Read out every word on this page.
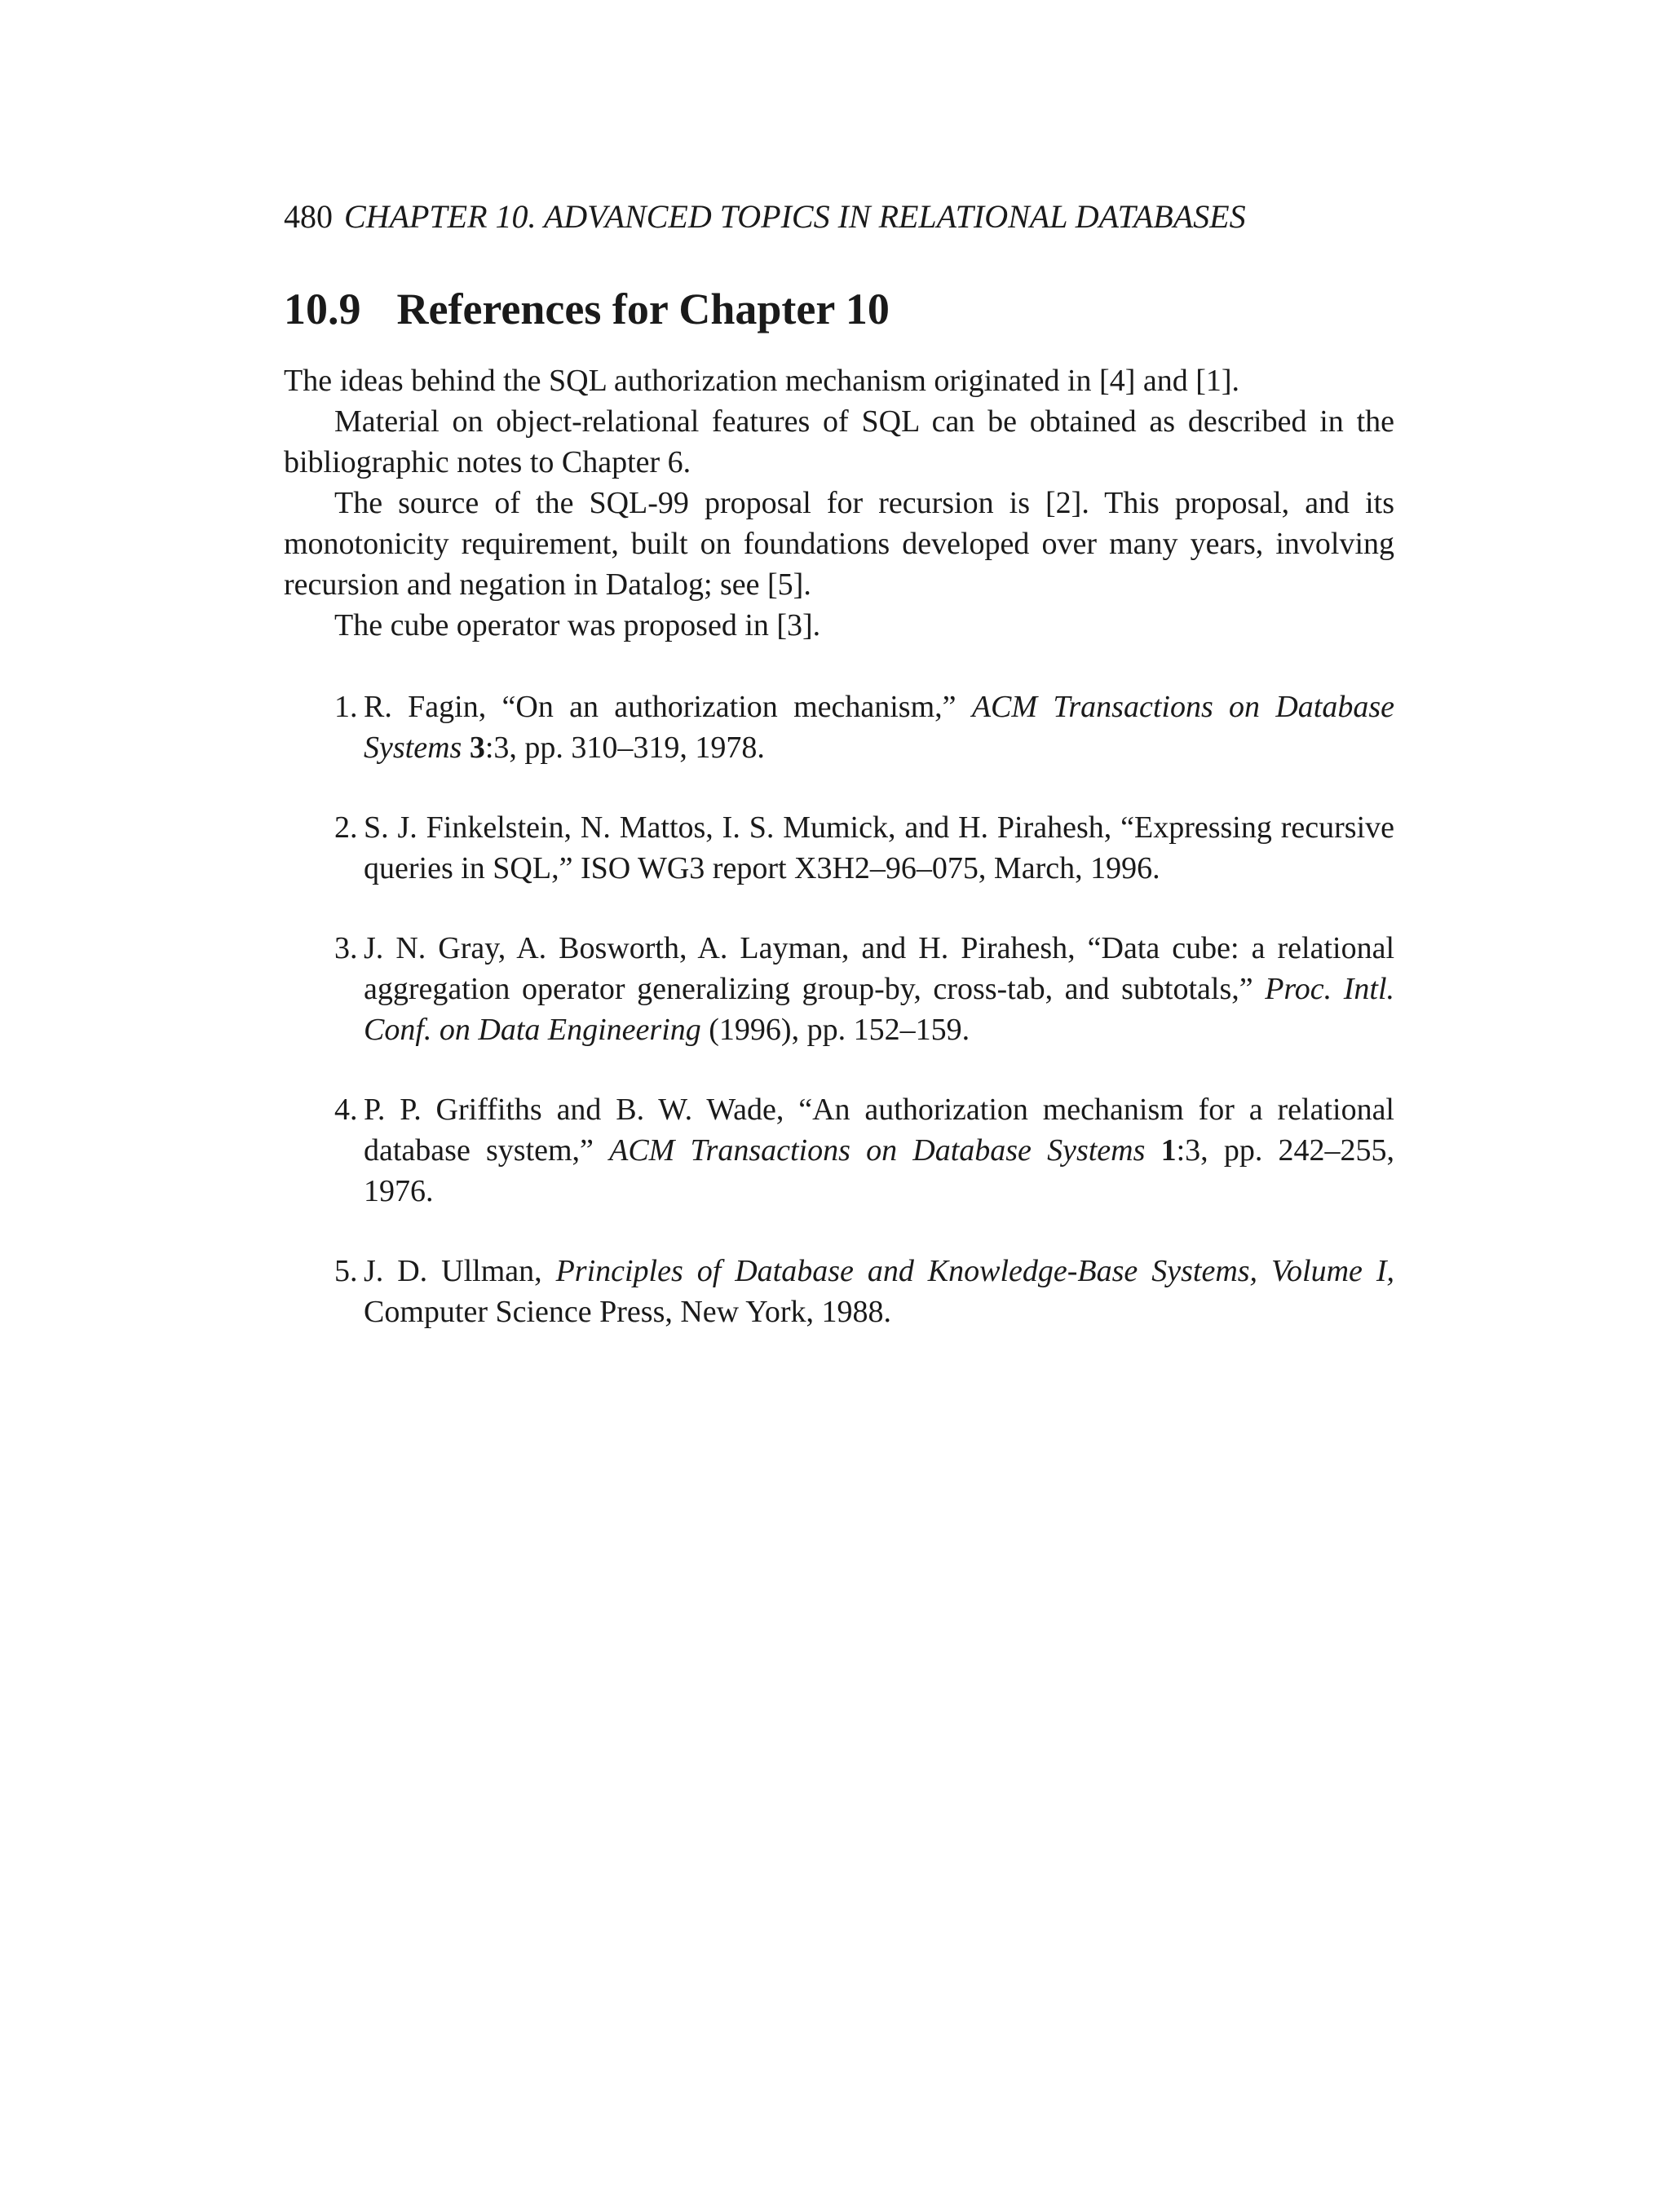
480 CHAPTER 10. ADVANCED TOPICS IN RELATIONAL DATABASES
10.9 References for Chapter 10

The ideas behind the SQL authorization mechanism originated in [4] and [1].

Material on object-relational features of SQL can be obtained as described in the bibliographic notes to Chapter 6.

The source of the SQL-99 proposal for recursion is [2]. This proposal, and its monotonicity requirement, built on foundations developed over many years, involving recursion and negation in Datalog; see [5].

The cube operator was proposed in [3].

1. R. Fagin, “On an authorization mechanism,” ACM Transactions on Database Systems 3:3, pp. 310–319, 1978.
2. S. J. Finkelstein, N. Mattos, I. S. Mumick, and H. Pirahesh, “Expressing recursive queries in SQL,” ISO WG3 report X3H2–96–075, March, 1996.
3. J. N. Gray, A. Bosworth, A. Layman, and H. Pirahesh, “Data cube: a relational aggregation operator generalizing group-by, cross-tab, and subtotals,” Proc. Intl. Conf. on Data Engineering (1996), pp. 152–159.
4. P. P. Griffiths and B. W. Wade, “An authorization mechanism for a relational database system,” ACM Transactions on Database Systems 1:3, pp. 242–255, 1976.
5. J. D. Ullman, Principles of Database and Knowledge-Base Systems, Volume I, Computer Science Press, New York, 1988.
